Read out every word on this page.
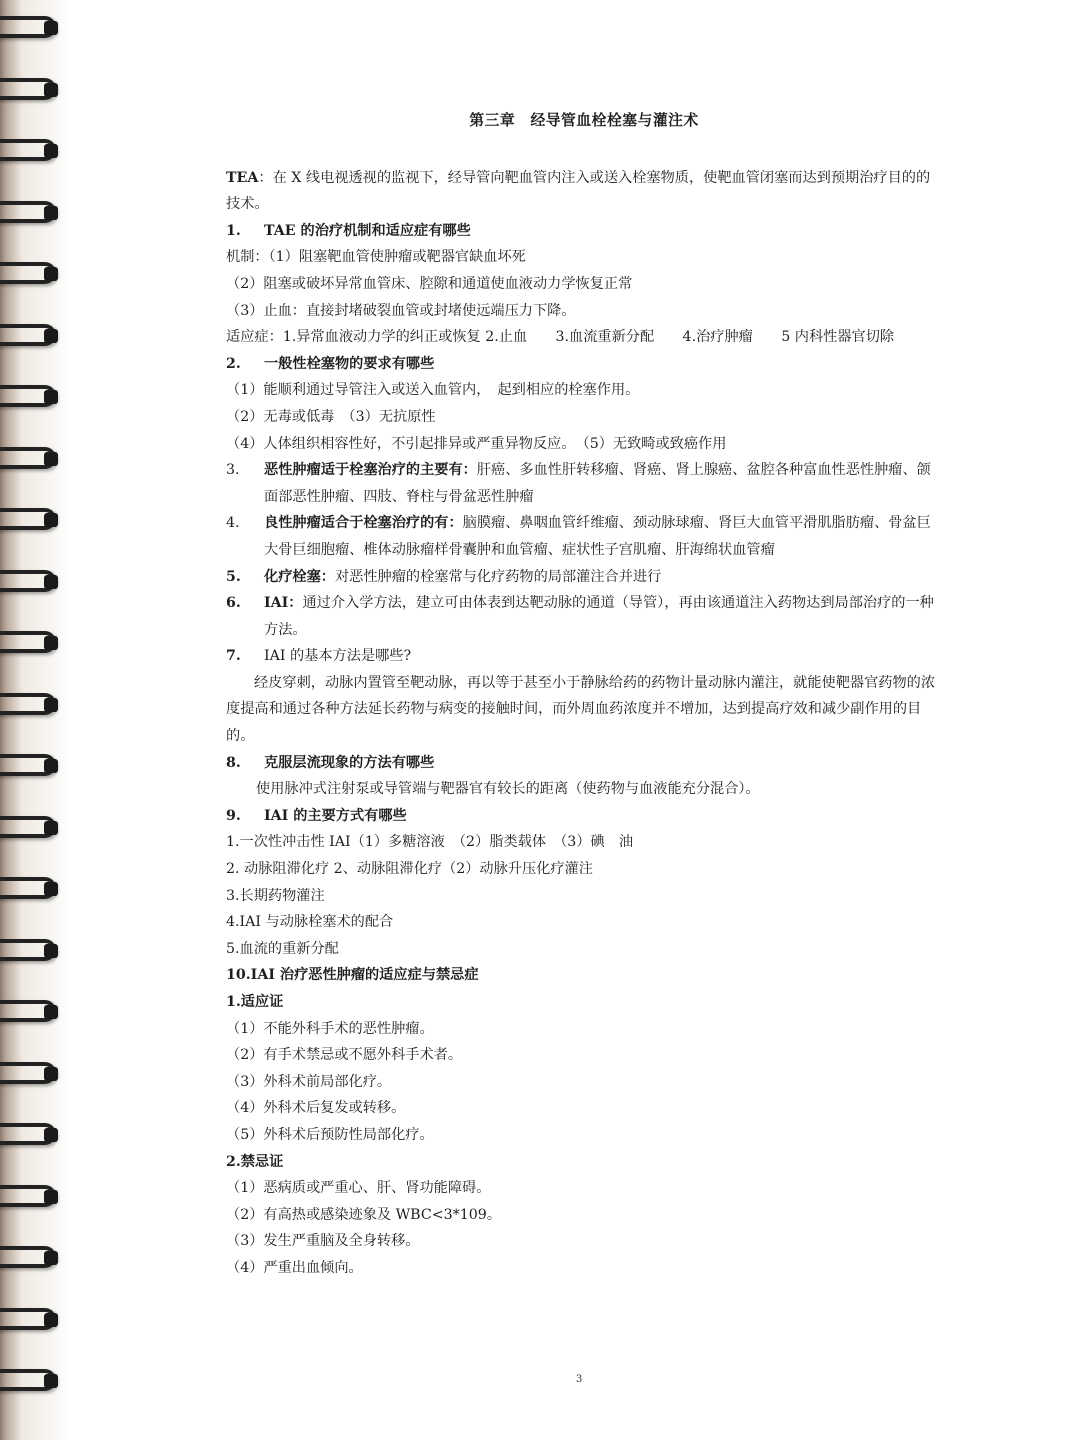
第三章　经导管血栓栓塞与灌注术

TEA：在 X 线电视透视的监视下，经导管向靶血管内注入或送入栓塞物质，使靶血管闭塞而达到预期治疗目的的技术。

1.	TAE 的治疗机制和适应症有哪些

机制：（1）阻塞靶血管使肿瘤或靶器官缺血坏死

（2）阻塞或破坏异常血管床、腔隙和通道使血液动力学恢复正常

（3）止血：直接封堵破裂血管或封堵使远端压力下降。

适应症：1.异常血液动力学的纠正或恢复 2.止血　　3.血流重新分配　　4.治疗肿瘤　　5 内科性器官切除

2.	一般性栓塞物的要求有哪些

（1）能顺利通过导管注入或送入血管内，　起到相应的栓塞作用。

（2）无毒或低毒　（3）无抗原性

（4）人体组织相容性好，不引起排异或严重异物反应。　（5）无致畸或致癌作用

3.	恶性肿瘤适于栓塞治疗的主要有：肝癌、多血性肝转移瘤、肾癌、肾上腺癌、盆腔各种富血性恶性肿瘤、颌面部恶性肿瘤、四肢、脊柱与骨盆恶性肿瘤
4.	良性肿瘤适合于栓塞治疗的有：脑膜瘤、鼻咽血管纤维瘤、颈动脉球瘤、肾巨大血管平滑肌脂肪瘤、骨盆巨大骨巨细胞瘤、椎体动脉瘤样骨囊肿和血管瘤、症状性子宫肌瘤、肝海绵状血管瘤
5.	化疗栓塞：对恶性肿瘤的栓塞常与化疗药物的局部灌注合并进行
6.	IAI：通过介入学方法，建立可由体表到达靶动脉的通道（导管），再由该通道注入药物达到局部治疗的一种方法。
7.	IAI 的基本方法是哪些?

经皮穿刺，动脉内置管至靶动脉，再以等于甚至小于静脉给药的药物计量动脉内灌注，就能使靶器官药物的浓度提高和通过各种方法延长药物与病变的接触时间，而外周血药浓度并不增加，达到提高疗效和减少副作用的目的。

8.	克服层流现象的方法有哪些

使用脉冲式注射泵或导管端与靶器官有较长的距离（使药物与血液能充分混合）。

9.	IAI 的主要方式有哪些

1.一次性冲击性 IAI（1）多糖溶液　（2）脂类载体　（3）碘　油

2. 动脉阻滞化疗 2、动脉阻滞化疗（2）动脉升压化疗灌注

3.长期药物灌注

4.IAI 与动脉栓塞术的配合

5.血流的重新分配

10.IAI 治疗恶性肿瘤的适应症与禁忌症

1.适应证

（1）不能外科手术的恶性肿瘤。

（2）有手术禁忌或不愿外科手术者。

（3）外科术前局部化疗。

（4）外科术后复发或转移。

（5）外科术后预防性局部化疗。

2.禁忌证

（1）恶病质或严重心、肝、肾功能障碍。

（2）有高热或感染迹象及 WBC<3*109。

（3）发生严重脑及全身转移。

（4）严重出血倾向。

3
